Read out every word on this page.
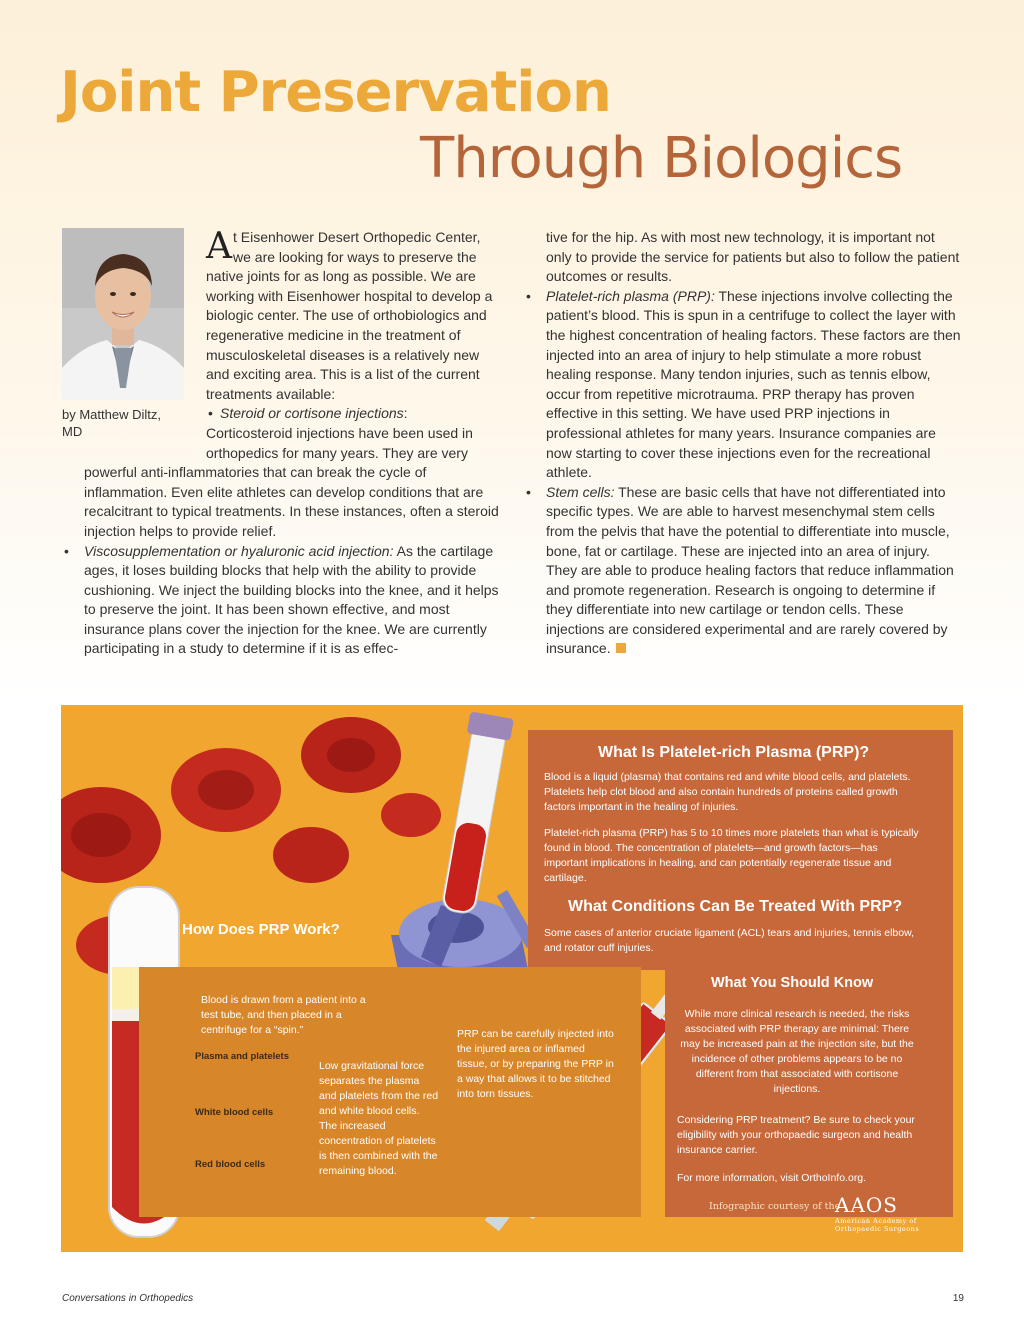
Joint Preservation
Through Biologics
by Matthew Diltz, MD
A t Eisenhower Desert Orthopedic Center, we are looking for ways to preserve the native joints for as long as possible. We are working with Eisenhower hospital to develop a biologic center. The use of orthobiologics and regenerative medicine in the treatment of musculoskeletal diseases is a relatively new and exciting area. This is a list of the current treatments available:
• Steroid or cortisone injections:
Corticosteroid injections have been used in orthopedics for many years. They are very
powerful anti-inflammatories that can break the cycle of inflammation. Even elite athletes can develop conditions that are recalcitrant to typical treatments. In these instances, often a steroid injection helps to provide relief.
• Viscosupplementation or hyaluronic acid injection: As the cartilage ages, it loses building blocks that help with the ability to provide cushioning. We inject the building blocks into the knee, and it helps to preserve the joint. It has been shown effective, and most insurance plans cover the injection for the knee. We are currently participating in a study to determine if it is as effec-
tive for the hip. As with most new technology, it is important not only to provide the service for patients but also to follow the patient outcomes or results.
• Platelet-rich plasma (PRP): These injections involve collecting the patient’s blood. This is spun in a centrifuge to collect the layer with the highest concentration of healing factors. These factors are then injected into an area of injury to help stimulate a more robust healing response. Many tendon injuries, such as tennis elbow, occur from repetitive microtrauma. PRP therapy has proven effective in this setting. We have used PRP injections in professional athletes for many years. Insurance companies are now starting to cover these injections even for the recreational athlete.
• Stem cells: These are basic cells that have not differentiated into specific types. We are able to harvest mesenchymal stem cells from the pelvis that have the potential to differentiate into muscle, bone, fat or cartilage. These are injected into an area of injury. They are able to produce healing factors that reduce inflammation and promote regeneration. Research is ongoing to determine if they differentiate into new cartilage or tendon cells. These injections are considered experimental and are rarely covered by insurance.
What Is Platelet-rich Plasma (PRP)?

Blood is a liquid (plasma) that contains red and white blood cells, and platelets. Platelets help clot blood and also contain hundreds of proteins called growth factors important in the healing of injuries.

Platelet-rich plasma (PRP) has 5 to 10 times more platelets than what is typically found in blood. The concentration of platelets—and growth factors—has important implications in healing, and can potentially regenerate tissue and cartilage.

What Conditions Can Be Treated With PRP?

Some cases of anterior cruciate ligament (ACL) tears and injuries, tennis elbow, and rotator cuff injuries.

How Does PRP Work?
Blood is drawn from a patient into a test tube, and then placed in a centrifuge for a “spin.”
Low gravitational force separates the plasma and platelets from the red and white blood cells. The increased concentration of platelets is then combined with the remaining blood.
PRP can be carefully injected into the injured area or inflamed tissue, or by preparing the PRP in a way that allows it to be stitched into torn tissues.
Plasma and platelets
White blood cells
Red blood cells
What You Should Know
While more clinical research is needed, the risks associated with PRP therapy are minimal: There may be increased pain at the injection site, but the incidence of other problems appears to be no different from that associated with cortisone injections.
Considering PRP treatment? Be sure to check your eligibility with your orthopaedic surgeon and health insurance carrier.
For more information, visit OrthoInfo.org.
Infographic courtesy of the
AAOS
American Academy of
Orthopaedic Surgeons
Conversations in Orthopedics	19
